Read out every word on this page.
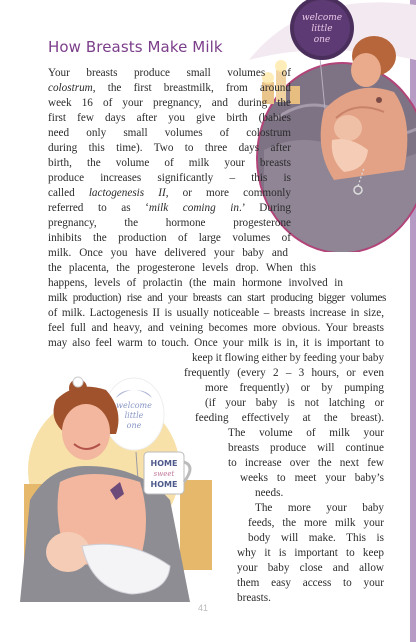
welcome
little
one
welcome
little
one
HOME
sweet
HOME
How Breasts Make Milk
Your breasts produce small volumes of
colostrum, the first breastmilk, from around
week 16 of your pregnancy, and during the
first few days after you give birth (babies
need only small volumes of colostrum
during this time). Two to three days after
birth, the volume of milk your breasts
produce increases significantly – this is
called lactogenesis II, or more commonly
referred to as ‘milk coming in.’ During
pregnancy, the hormone progesterone
inhibits the production of large volumes of
milk. Once you have delivered your baby and
the placenta, the progesterone levels drop. When this
happens, levels of prolactin (the main hormone involved in
milk production) rise and your breasts can start producing bigger volumes
of milk. Lactogenesis II is usually noticeable – breasts increase in size,
feel full and heavy, and veining becomes more obvious. Your breasts
may also feel warm to touch. Once your milk is in, it is important to
keep it flowing either by feeding your baby
frequently (every 2 – 3 hours, or even
more frequently) or by pumping
(if your baby is not latching or
feeding effectively at the breast).
The volume of milk your
breasts produce will continue
to increase over the next few
weeks to meet your baby’s
needs.
The more your baby
feeds, the more milk your
body will make. This is
why it is important to keep
your baby close and allow
them easy access to your
breasts.
41
